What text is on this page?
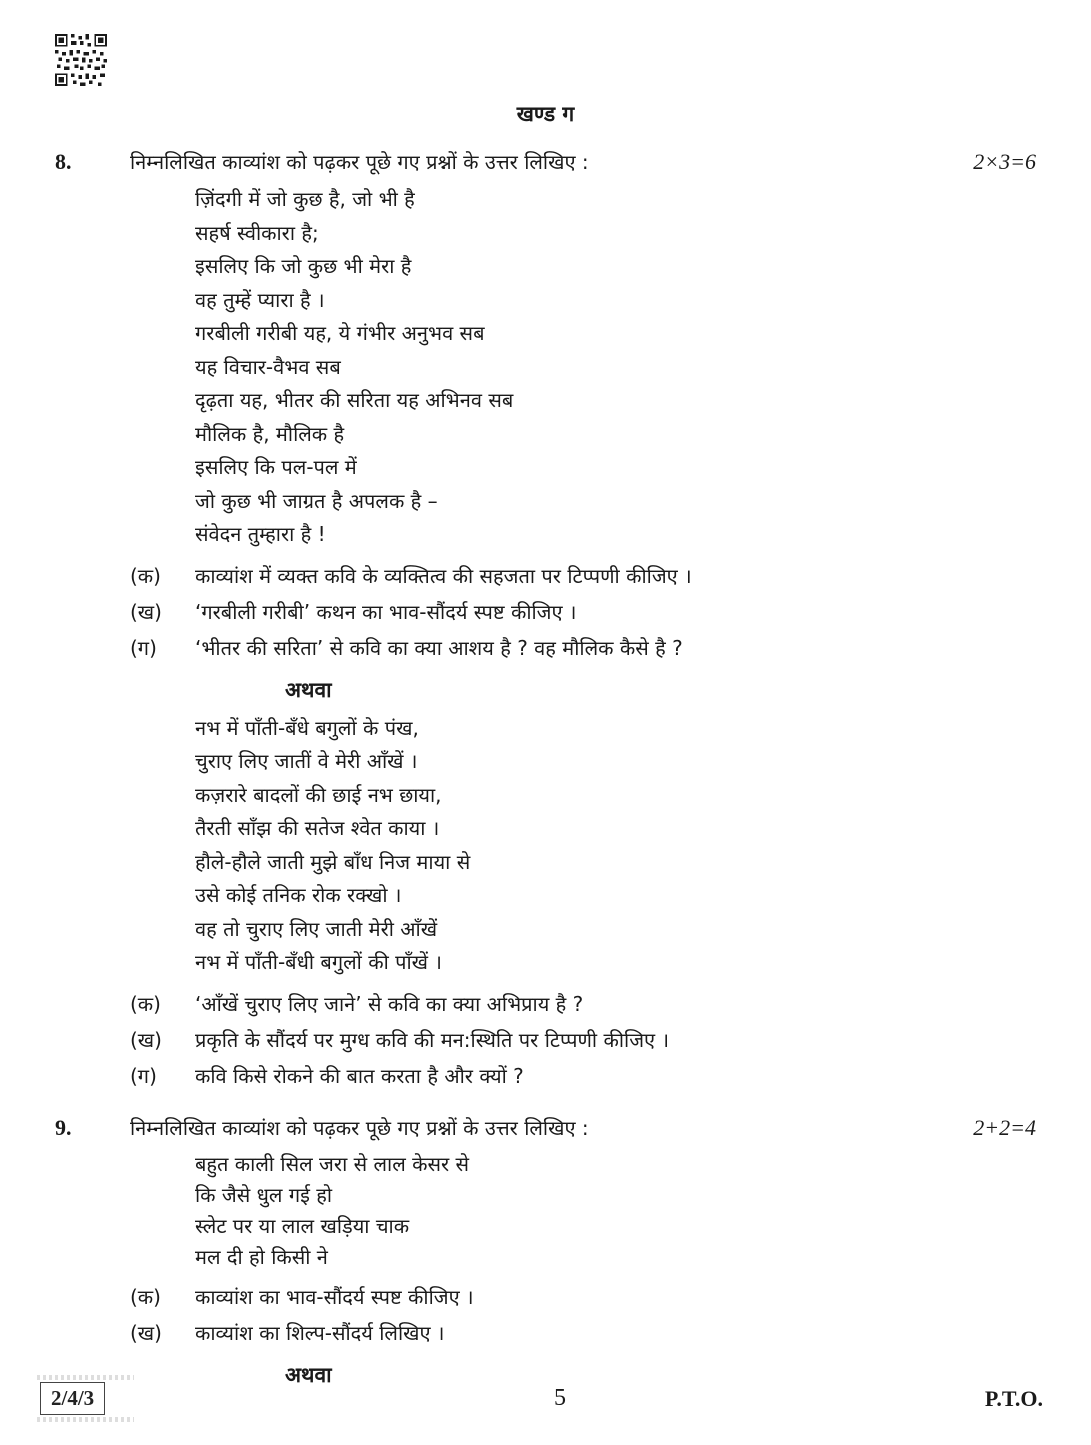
खण्ड ग
8.	निम्नलिखित काव्यांश को पढ़कर पूछे गए प्रश्नों के उत्तर लिखिए :	2×3=6
ज़िंदगी में जो कुछ है, जो भी है
सहर्ष स्वीकारा है;
इसलिए कि जो कुछ भी मेरा है
वह तुम्हें प्यारा है ।
गरबीली गरीबी यह, ये गंभीर अनुभव सब
यह विचार-वैभव सब
दृढ़ता यह, भीतर की सरिता यह अभिनव सब
मौलिक है, मौलिक है
इसलिए कि पल-पल में
जो कुछ भी जाग्रत है अपलक है –
संवेदन तुम्हारा है !
(क)	काव्यांश में व्यक्त कवि के व्यक्तित्व की सहजता पर टिप्पणी कीजिए ।
(ख)	‘गरबीली गरीबी’ कथन का भाव-सौंदर्य स्पष्ट कीजिए ।
(ग)	‘भीतर की सरिता’ से कवि का क्या आशय है ? वह मौलिक कैसे है ?
अथवा
नभ में पाँती-बँधे बगुलों के पंख,
चुराए लिए जातीं वे मेरी आँखें ।
कज़रारे बादलों की छाई नभ छाया,
तैरती साँझ की सतेज श्वेत काया ।
हौले-हौले जाती मुझे बाँध निज माया से
उसे कोई तनिक रोक रक्खो ।
वह तो चुराए लिए जाती मेरी आँखें
नभ में पाँती-बँधी बगुलों की पाँखें ।
(क)	‘आँखें चुराए लिए जाने’ से कवि का क्या अभिप्राय है ?
(ख)	प्रकृति के सौंदर्य पर मुग्ध कवि की मन:स्थिति पर टिप्पणी कीजिए ।
(ग)	कवि किसे रोकने की बात करता है और क्यों ?
9.	निम्नलिखित काव्यांश को पढ़कर पूछे गए प्रश्नों के उत्तर लिखिए :	2+2=4
बहुत काली सिल जरा से लाल केसर से
कि जैसे धुल गई हो
स्लेट पर या लाल खड़िया चाक
मल दी हो किसी ने
(क)	काव्यांश का भाव-सौंदर्य स्पष्ट कीजिए ।
(ख)	काव्यांश का शिल्प-सौंदर्य लिखिए ।
अथवा
2/4/3	5	P.T.O.
